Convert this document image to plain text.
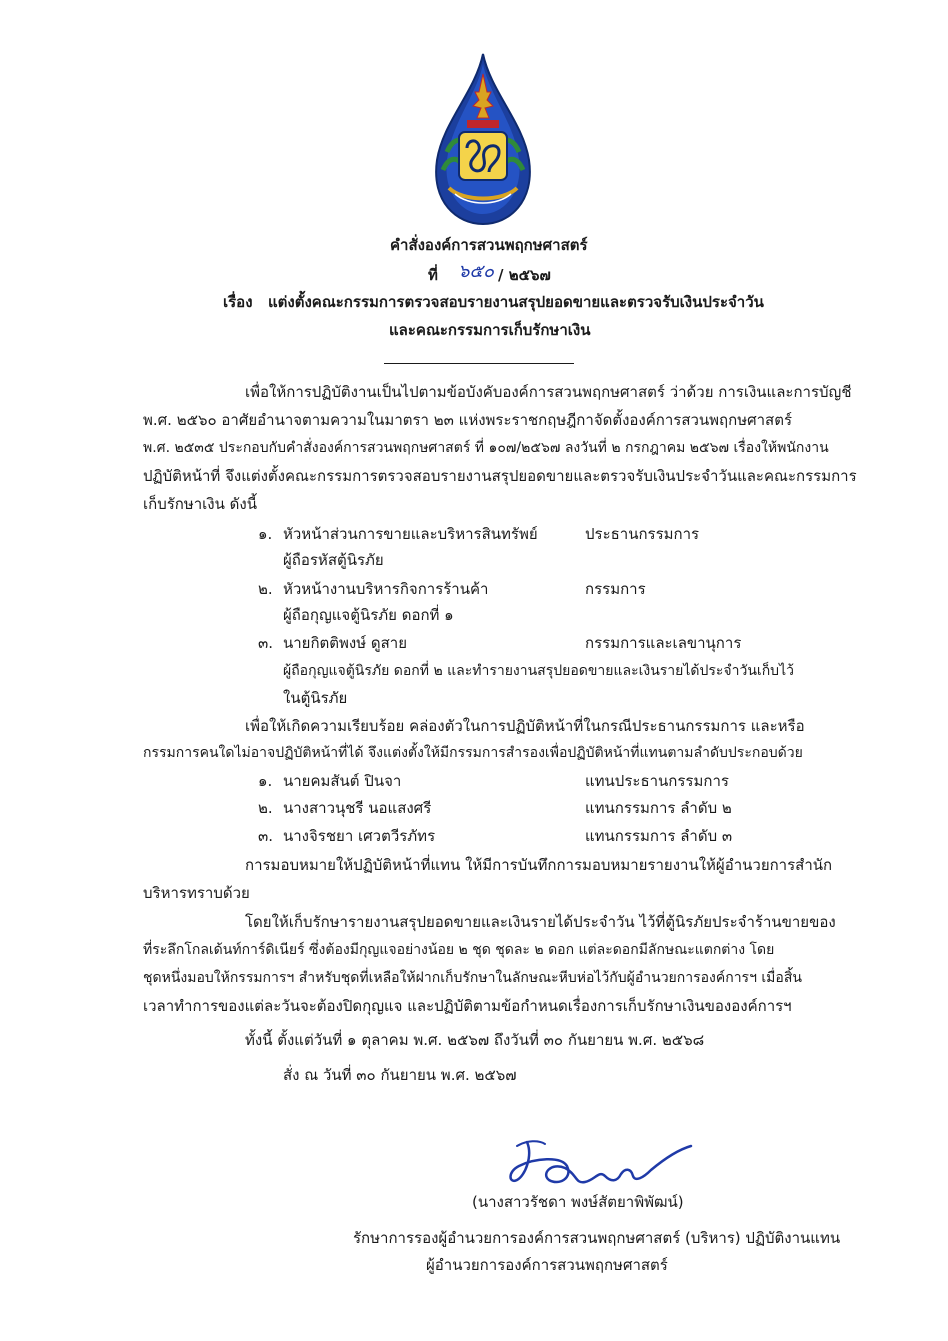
คำสั่งองค์การสวนพฤกษศาสตร์
ที่ ๖๕๐ / ๒๕๖๗
เรื่อง แต่งตั้งคณะกรรมการตรวจสอบรายงานสรุปยอดขายและตรวจรับเงินประจำวัน
และคณะกรรมการเก็บรักษาเงิน
เพื่อให้การปฏิบัติงานเป็นไปตามข้อบังคับองค์การสวนพฤกษศาสตร์ ว่าด้วย การเงินและการบัญชี
พ.ศ. ๒๕๖๐ อาศัยอำนาจตามความในมาตรา ๒๓ แห่งพระราชกฤษฎีกาจัดตั้งองค์การสวนพฤกษศาสตร์
พ.ศ. ๒๕๓๕ ประกอบกับคำสั่งองค์การสวนพฤกษศาสตร์ ที่ ๑๐๗/๒๕๖๗ ลงวันที่ ๒ กรกฎาคม ๒๕๖๗ เรื่องให้พนักงาน
ปฏิบัติหน้าที่ จึงแต่งตั้งคณะกรรมการตรวจสอบรายงานสรุปยอดขายและตรวจรับเงินประจำวันและคณะกรรมการ
เก็บรักษาเงิน ดังนี้
๑. หัวหน้าส่วนการขายและบริหารสินทรัพย์	ประธานกรรมการ
ผู้ถือรหัสตู้นิรภัย
๒. หัวหน้างานบริหารกิจการร้านค้า	กรรมการ
ผู้ถือกุญแจตู้นิรภัย ดอกที่ ๑
๓. นายกิตติพงษ์ ดูสาย	กรรมการและเลขานุการ
ผู้ถือกุญแจตู้นิรภัย ดอกที่ ๒ และทำรายงานสรุปยอดขายและเงินรายได้ประจำวันเก็บไว้
ในตู้นิรภัย
เพื่อให้เกิดความเรียบร้อย คล่องตัวในการปฏิบัติหน้าที่ในกรณีประธานกรรมการ และหรือ
กรรมการคนใดไม่อาจปฏิบัติหน้าที่ได้ จึงแต่งตั้งให้มีกรรมการสำรองเพื่อปฏิบัติหน้าที่แทนตามลำดับประกอบด้วย
๑. นายคมสันต์ ปินจา	แทนประธานกรรมการ
๒. นางสาวนุชรี นอแสงศรี	แทนกรรมการ ลำดับ ๒
๓. นางจิรชยา เศวตวีรภัทร	แทนกรรมการ ลำดับ ๓
การมอบหมายให้ปฏิบัติหน้าที่แทน ให้มีการบันทึกการมอบหมายรายงานให้ผู้อำนวยการสำนัก
บริหารทราบด้วย
โดยให้เก็บรักษารายงานสรุปยอดขายและเงินรายได้ประจำวัน ไว้ที่ตู้นิรภัยประจำร้านขายของ
ที่ระลึกโกลเด้นท์การ์ดิเนียร์ ซึ่งต้องมีกุญแจอย่างน้อย ๒ ชุด ชุดละ ๒ ดอก แต่ละดอกมีลักษณะแตกต่าง โดย
ชุดหนึ่งมอบให้กรรมการฯ สำหรับชุดที่เหลือให้ฝากเก็บรักษาในลักษณะหีบห่อไว้กับผู้อำนวยการองค์การฯ เมื่อสิ้น
เวลาทำการของแต่ละวันจะต้องปิดกุญแจ และปฏิบัติตามข้อกำหนดเรื่องการเก็บรักษาเงินขององค์การฯ
ทั้งนี้ ตั้งแต่วันที่ ๑ ตุลาคม พ.ศ. ๒๕๖๗ ถึงวันที่ ๓๐ กันยายน พ.ศ. ๒๕๖๘
สั่ง ณ วันที่ ๓๐ กันยายน พ.ศ. ๒๕๖๗
(นางสาวรัชดา พงษ์สัตยาพิพัฒน์)
รักษาการรองผู้อำนวยการองค์การสวนพฤกษศาสตร์ (บริหาร) ปฏิบัติงานแทน
ผู้อำนวยการองค์การสวนพฤกษศาสตร์
